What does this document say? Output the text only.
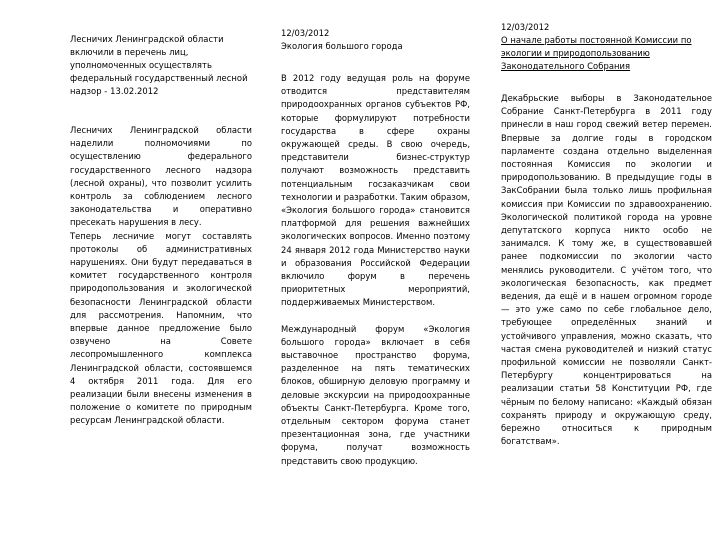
Лесничих Ленинградской области включили в перечень лиц, уполномоченных осуществлять федеральный государственный лесной надзор - 13.02.2012

Лесничих Ленинградской области наделили полномочиями по осуществлению федерального государственного лесного надзора (лесной охраны), что позволит усилить контроль за соблюдением лесного законодательства и оперативно пресекать нарушения в лесу.

Теперь лесничие могут составлять протоколы об административных нарушениях. Они будут передаваться в комитет государственного контроля природопользования и экологической безопасности Ленинградской области для рассмотрения. Напомним, что впервые данное предложение было озвучено на Совете лесопромышленного комплекса Ленинградской области, состоявшемся 4 октября 2011 года. Для его реализации были внесены изменения в положение о комитете по природным ресурсам Ленинградской области.

12/03/2012
Экология большого города

В 2012 году ведущая роль на форуме отводится представителям природоохранных органов субъектов РФ, которые формулируют потребности государства в сфере охраны окружающей среды. В свою очередь, представители бизнес-структур получают возможность представить потенциальным госзаказчикам свои технологии и разработки. Таким образом, «Экология большого города» становится платформой для решения важнейших экологических вопросов. Именно поэтому 24 января 2012 года Министерство науки и образования Российской Федерации включило форум в перечень приоритетных мероприятий, поддерживаемых Министерством.

Международный форум «Экология большого города» включает в себя выставочное пространство форума, разделенное на пять тематических блоков, обширную деловую программу и деловые экскурсии на природоохранные объекты Санкт-Петербурга. Кроме того, отдельным сектором форума станет презентационная зона, где участники форума, получат возможность представить свою продукцию.

12/03/2012
О начале работы постоянной Комиссии по экологии и природопользованию Законодательного Собрания

Декабрьские выборы в Законодательное Собрание Санкт-Петербурга в 2011 году принесли в наш город свежий ветер перемен. Впервые за долгие годы в городском парламенте создана отдельно выделенная постоянная Комиссия по экологии и природопользованию. В предыдущие годы в ЗакСобрании была только лишь профильная комиссия при Комиссии по здравоохранению. Экологической политикой города на уровне депутатского корпуса никто особо не занимался. К тому же, в существовавшей ранее подкомиссии по экологии часто менялись руководители. С учётом того, что экологическая безопасность, как предмет ведения, да ещё и в нашем огромном городе — это уже само по себе глобальное дело, требующее определённых знаний и устойчивого управления, можно сказать, что частая смена руководителей и низкий статус профильной комиссии не позволяли Санкт-Петербургу концентрироваться на реализации статьи 58 Конституции РФ, где чёрным по белому написано: «Каждый обязан сохранять природу и окружающую среду, бережно относиться к природным богатствам».
